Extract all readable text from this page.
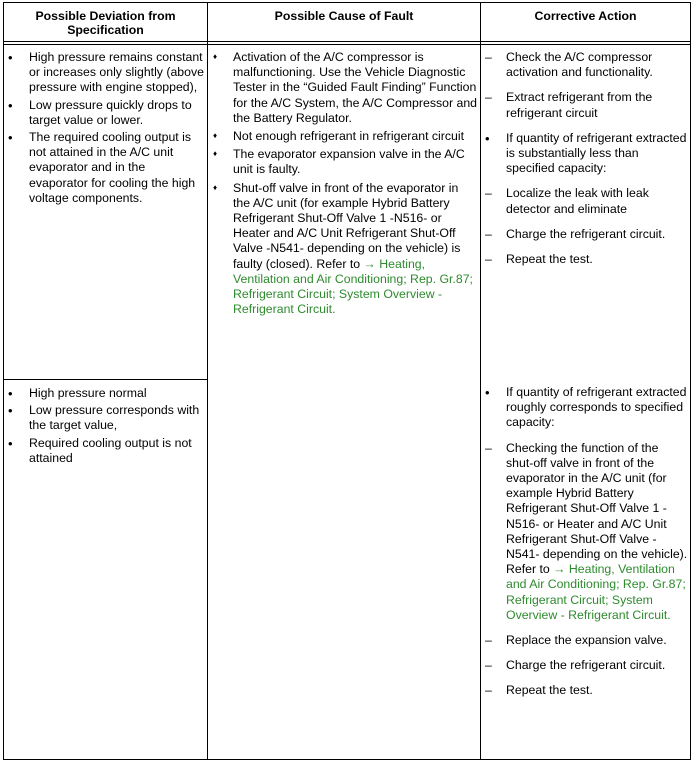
Possible Deviation from Specification
Possible Cause of Fault	Corrective Action
•
High pressure remains constant or increases only slightly (above pressure with engine stopped),
•
Low pressure quickly drops to target value or lower.
•
The required cooling output is not attained in the A/C unit evaporator and in the evaporator for cooling the high voltage components.
•
High pressure normal
•
Low pressure corresponds with the target value,
•
Required cooling output is not attained
♦
Activation of the A/C compressor is malfunctioning. Use the Vehicle Diagnostic Tester in the “Guided Fault Finding” Function for the A/C System, the A/C Compressor and the Battery Regulator.
♦
Not enough refrigerant in refrigerant circuit
♦
The evaporator expansion valve in the A/C unit is faulty.
♦
Shut-off valve in front of the evaporator in the A/C unit (for example Hybrid Battery Refrigerant Shut-Off Valve 1 -N516- or Heater and A/C Unit Refrigerant Shut-Off Valve -N541- depending on the vehicle) is faulty (closed). Refer to → Heating, Ventilation and Air Conditioning; Rep. Gr.87; Refrigerant Circuit; System Overview - Refrigerant Circuit.
–
Check the A/C compressor activation and functionality.
–
Extract refrigerant from the refrigerant circuit
•
If quantity of refrigerant extracted is substantially less than specified capacity:
–
Localize the leak with leak detector and eliminate
–
Charge the refrigerant circuit.
–
Repeat the test.
•
If quantity of refrigerant extracted roughly corresponds to specified capacity:
–
Checking the function of the shut-off valve in front of the evaporator in the A/C unit (for example Hybrid Battery Refrigerant Shut-Off Valve 1 -N516- or Heater and A/C Unit Refrigerant Shut-Off Valve -N541- depending on the vehicle). Refer to → Heating, Ventilation and Air Conditioning; Rep. Gr.87; Refrigerant Circuit; System Overview - Refrigerant Circuit.
–
Replace the expansion valve.
–
Charge the refrigerant circuit.
–
Repeat the test.
